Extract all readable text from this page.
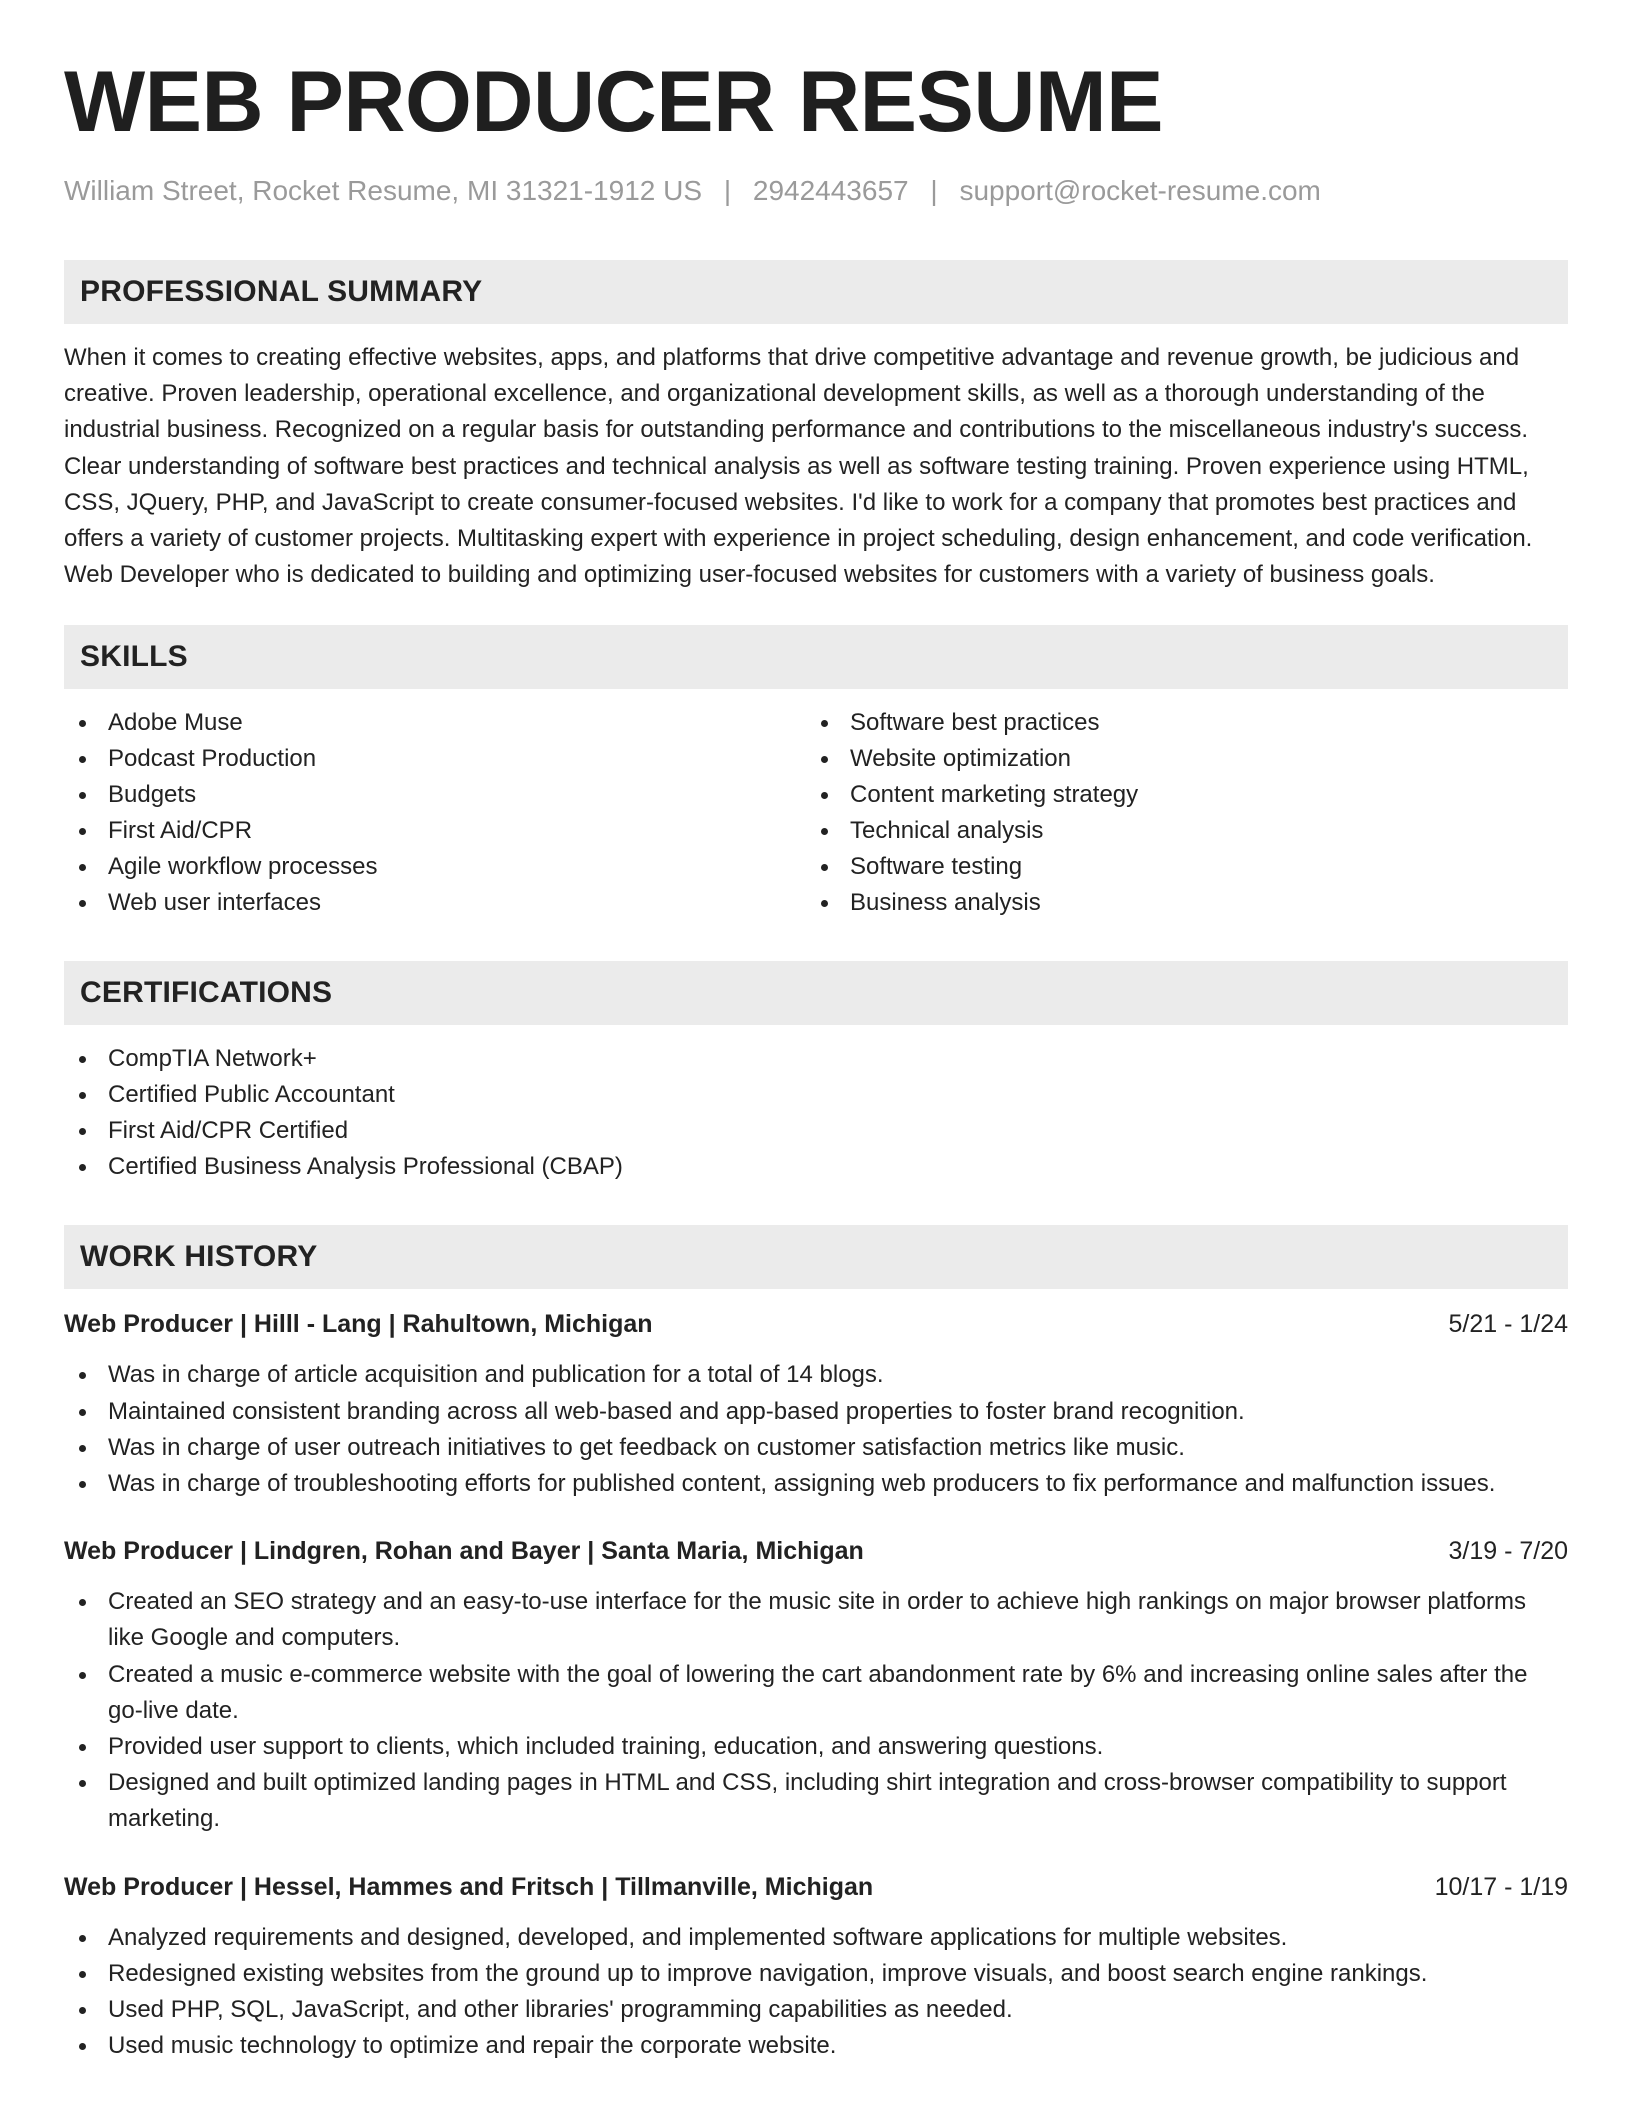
WEB PRODUCER RESUME
William Street, Rocket Resume, MI 31321-1912 US | 2942443657 | support@rocket-resume.com
PROFESSIONAL SUMMARY

When it comes to creating effective websites, apps, and platforms that drive competitive advantage and revenue growth, be judicious and creative. Proven leadership, operational excellence, and organizational development skills, as well as a thorough understanding of the industrial business. Recognized on a regular basis for outstanding performance and contributions to the miscellaneous industry's success. Clear understanding of software best practices and technical analysis as well as software testing training. Proven experience using HTML, CSS, JQuery, PHP, and JavaScript to create consumer-focused websites. I'd like to work for a company that promotes best practices and offers a variety of customer projects. Multitasking expert with experience in project scheduling, design enhancement, and code verification. Web Developer who is dedicated to building and optimizing user-focused websites for customers with a variety of business goals.

SKILLS
Adobe Muse
Podcast Production
Budgets
First Aid/CPR
Agile workflow processes
Web user interfaces
Software best practices
Website optimization
Content marketing strategy
Technical analysis
Software testing
Business analysis
CERTIFICATIONS
CompTIA Network+
Certified Public Accountant
First Aid/CPR Certified
Certified Business Analysis Professional (CBAP)
WORK HISTORY
Web Producer | Hilll - Lang | Rahultown, Michigan	5/21 - 1/24
Was in charge of article acquisition and publication for a total of 14 blogs.
Maintained consistent branding across all web-based and app-based properties to foster brand recognition.
Was in charge of user outreach initiatives to get feedback on customer satisfaction metrics like music.
Was in charge of troubleshooting efforts for published content, assigning web producers to fix performance and malfunction issues.
Web Producer | Lindgren, Rohan and Bayer | Santa Maria, Michigan	3/19 - 7/20
Created an SEO strategy and an easy-to-use interface for the music site in order to achieve high rankings on major browser platforms like Google and computers.
Created a music e-commerce website with the goal of lowering the cart abandonment rate by 6% and increasing online sales after the go-live date.
Provided user support to clients, which included training, education, and answering questions.
Designed and built optimized landing pages in HTML and CSS, including shirt integration and cross-browser compatibility to support marketing.
Web Producer | Hessel, Hammes and Fritsch | Tillmanville, Michigan	10/17 - 1/19
Analyzed requirements and designed, developed, and implemented software applications for multiple websites.
Redesigned existing websites from the ground up to improve navigation, improve visuals, and boost search engine rankings.
Used PHP, SQL, JavaScript, and other libraries' programming capabilities as needed.
Used music technology to optimize and repair the corporate website.
